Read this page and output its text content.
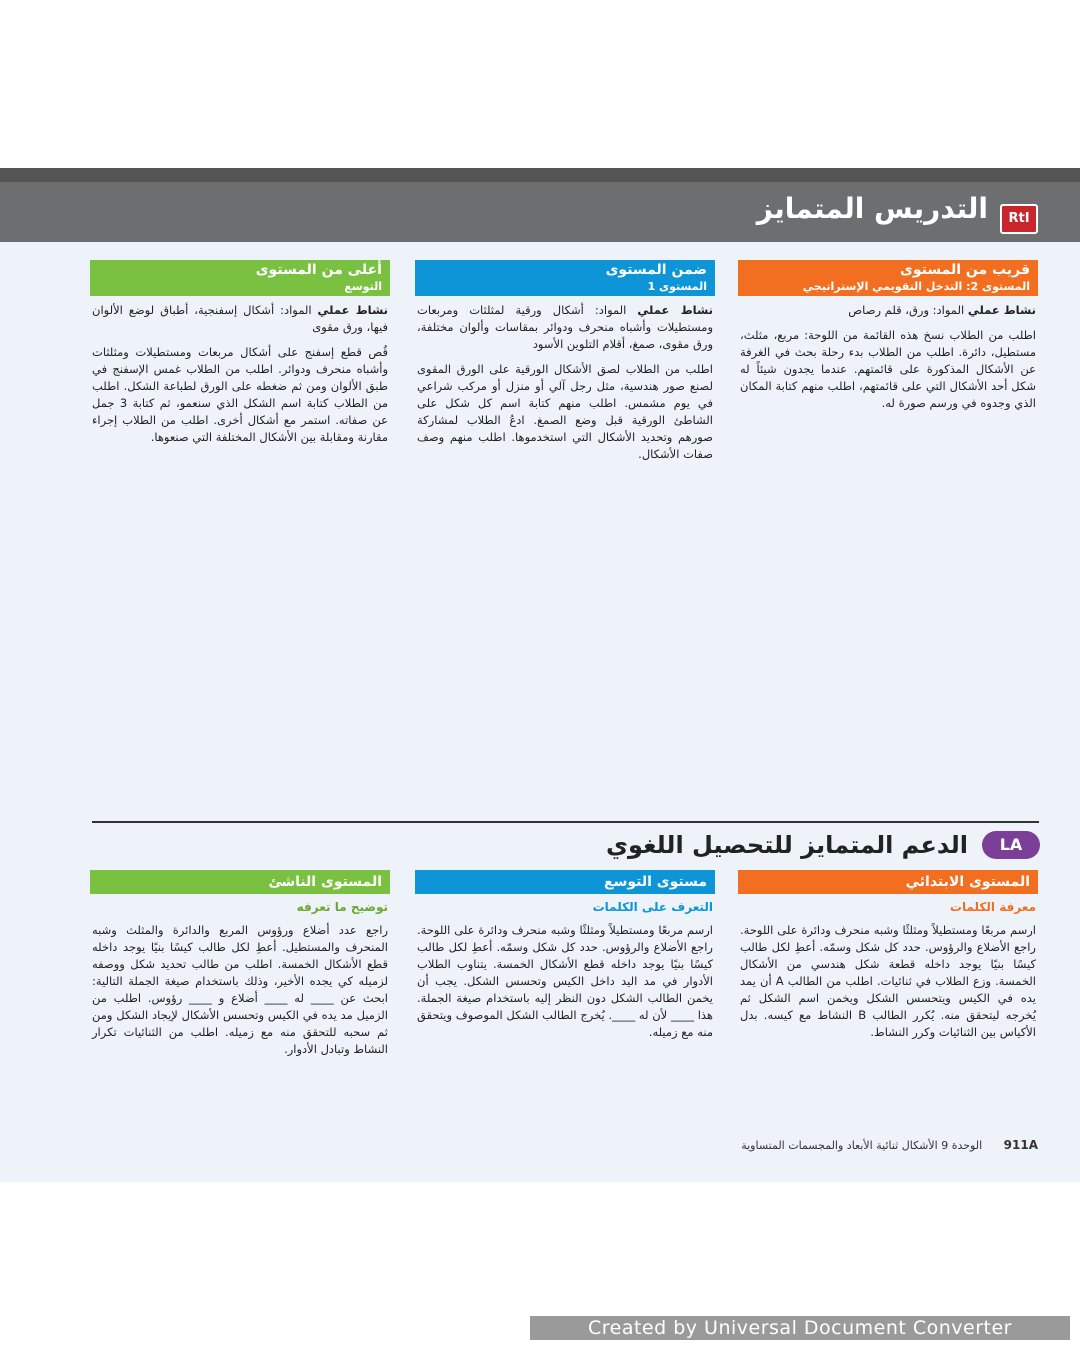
التدريس المتمايز	RtI
قريب من المستوى
المستوى 2: التدخل التقويمي الإستراتيجي

نشاط عملي المواد: ورق، قلم رصاص

اطلب من الطلاب نسخ هذه القائمة من اللوحة: مربع، مثلث، مستطيل، دائرة. اطلب من الطلاب بدء رحلة بحث في الغرفة عن الأشكال المذكورة على قائمتهم. عندما يجدون شيئاً له شكل أحد الأشكال التي على قائمتهم، اطلب منهم كتابة المكان الذي وجدوه في ورسم صورة له.

ضمن المستوى
المستوى 1

نشاط عملي المواد: أشكال ورقية لمثلثات ومربعات ومستطيلات وأشباه منحرف ودوائر بمقاسات وألوان مختلفة، ورق مقوى، صمغ، أقلام التلوين الأسود

اطلب من الطلاب لصق الأشكال الورقية على الورق المقوى لصنع صور هندسية، مثل رجل آلي أو منزل أو مركب شراعي في يوم مشمس. اطلب منهم كتابة اسم كل شكل على الشاطئ الورقية قبل وضع الصمغ. ادعُ الطلاب لمشاركة صورهم وتحديد الأشكال التي استخدموها. اطلب منهم وصف صفات الأشكال.

أعلى من المستوى
التوسع

نشاط عملي المواد: أشكال إسفنجية، أطباق لوضع الألوان فيها، ورق مقوى

قُص قطع إسفنج على أشكال مربعات ومستطيلات ومثلثات وأشباه منحرف ودوائر. اطلب من الطلاب غمس الإسفنج في طبق الألوان ومن ثم ضغطه على الورق لطباعة الشكل. اطلب من الطلاب كتابة اسم الشكل الذي سنعمو، ثم كتابة 3 جمل عن صفاته. استمر مع أشكال أخرى. اطلب من الطلاب إجراء مقارنة ومقابلة بين الأشكال المختلفة التي صنعوها.

LA
الدعم المتمايز للتحصيل اللغوي
المستوى الابتدائي
معرفة الكلمات
ارسم مربعًا ومستطيلاً ومثلثًا وشبه منحرف ودائرة على اللوحة. راجع الأضلاع والرؤوس. حدد كل شكل وسمّه. أعطِ لكل طالب كيسًا بنيًا يوجد داخله قطعة شكل هندسي من الأشكال الخمسة. وزع الطلاب في ثنائيات. اطلب من الطالب A أن يمد يده في الكيس ويتحسس الشكل ويخمن اسم الشكل ثم يُخرجه ليتحقق منه. يُكرر الطالب B النشاط مع كيسه. بدل الأكياس بين الثنائيات وكرر النشاط.
مستوى التوسع
التعرف على الكلمات
ارسم مربعًا ومستطيلاً ومثلثًا وشبه منحرف ودائرة على اللوحة. راجع الأضلاع والرؤوس. حدد كل شكل وسمّه. أعطِ لكل طالب كيسًا بنيًا يوجد داخله قطع الأشكال الخمسة. يتناوب الطلاب الأدوار في مد اليد داخل الكيس وتحسس الشكل. يجب أن يخمن الطالب الشكل دون النظر إليه باستخدام صيغة الجملة. هذا ____ لأن له ____. يُخرج الطالب الشكل الموصوف ويتحقق منه مع زميله.
المستوى الناشئ
توضيح ما تعرفه
راجع عدد أضلاع ورؤوس المربع والدائرة والمثلث وشبه المنحرف والمستطيل. أعطِ لكل طالب كيسًا بنيًا يوجد داخله قطع الأشكال الخمسة. اطلب من طالب تحديد شكل ووصفه لزميله كي يجده الأخير، وذلك باستخدام صيغة الجملة التالية: ابحث عن ____ له ____ أضلاع و ____ رؤوس. اطلب من الزميل مد يده في الكيس وتحسس الأشكال لإيجاد الشكل ومن ثم سحبه للتحقق منه مع زميله. اطلب من الثنائيات تكرار النشاط وتبادل الأدوار.
911A الوحدة 9 الأشكال ثنائية الأبعاد والمجسمات المتساوية
Created by Universal Document Converter
